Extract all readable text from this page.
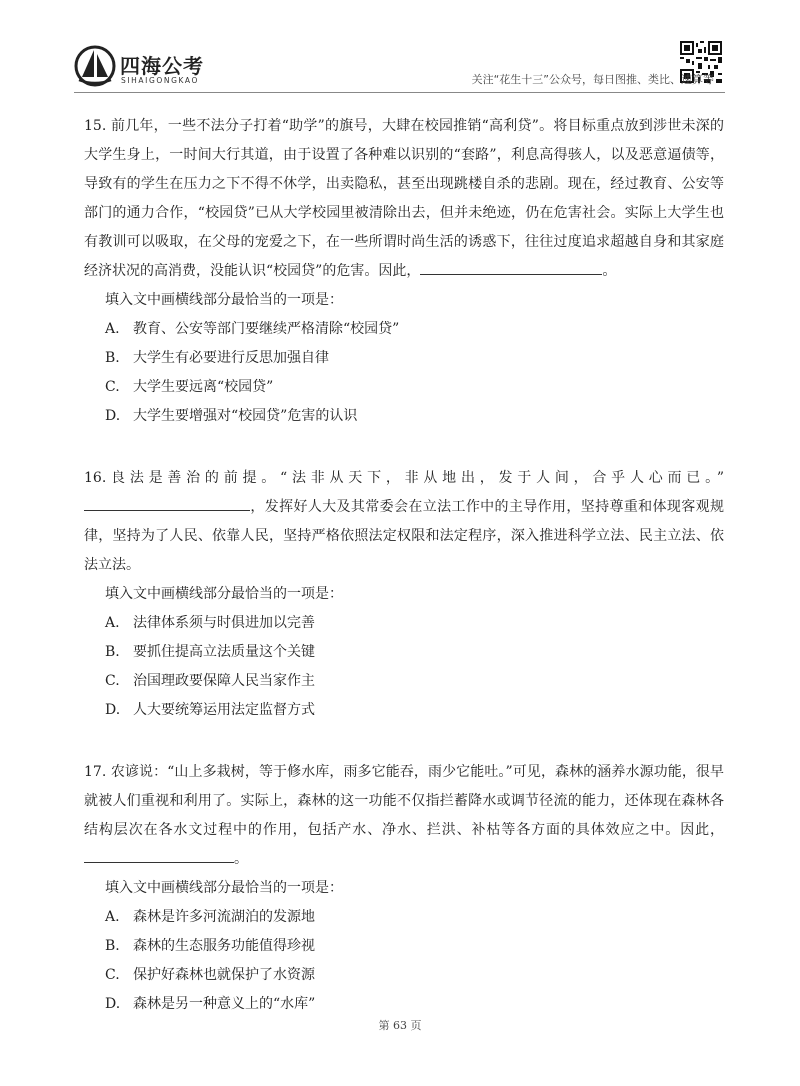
四海公考
SIHAIGONGKAO	关注“花生十三”公众号，每日图推、类比、速算等

15. 前几年，一些不法分子打着“助学”的旗号，大肆在校园推销“高利贷”。将目标重点放到涉世未深的大学生身上，一时间大行其道，由于设置了各种难以识别的“套路”，利息高得骇人，以及恶意逼债等，导致有的学生在压力之下不得不休学，出卖隐私，甚至出现跳楼自杀的悲剧。现在，经过教育、公安等部门的通力合作，“校园贷”已从大学校园里被清除出去，但并未绝迹，仍在危害社会。实际上大学生也有教训可以吸取，在父母的宠爱之下，在一些所谓时尚生活的诱惑下，往往过度追求超越自身和其家庭经济状况的高消费，没能认识“校园贷”的危害。因此，	。

填入文中画横线部分最恰当的一项是：

A. 教育、公安等部门要继续严格清除“校园贷”
B. 大学生有必要进行反思加强自律
C. 大学生要远离“校园贷”
D. 大学生要增强对“校园贷”危害的认识

16.良法是善治的前提。“法非从天下，非从地出，发于人间，合乎人心而已。”，发挥好人大及其常委会在立法工作中的主导作用，坚持尊重和体现客观规律，坚持为了人民、依靠人民，坚持严格依照法定权限和法定程序，深入推进科学立法、民主立法、依法立法。

填入文中画横线部分最恰当的一项是：

A. 法律体系须与时俱进加以完善
B. 要抓住提高立法质量这个关键
C. 治国理政要保障人民当家作主
D. 人大要统筹运用法定监督方式

17. 农谚说：“山上多栽树，等于修水库，雨多它能吞，雨少它能吐。”可见，森林的涵养水源功能，很早就被人们重视和利用了。实际上，森林的这一功能不仅指拦蓄降水或调节径流的能力，还体现在森林各结构层次在各水文过程中的作用，包括产水、净水、拦洪、补枯等各方面的具体效应之中。因此，。

填入文中画横线部分最恰当的一项是：

A. 森林是许多河流湖泊的发源地
B. 森林的生态服务功能值得珍视
C. 保护好森林也就保护了水资源
D. 森林是另一种意义上的“水库”
第 63 页
